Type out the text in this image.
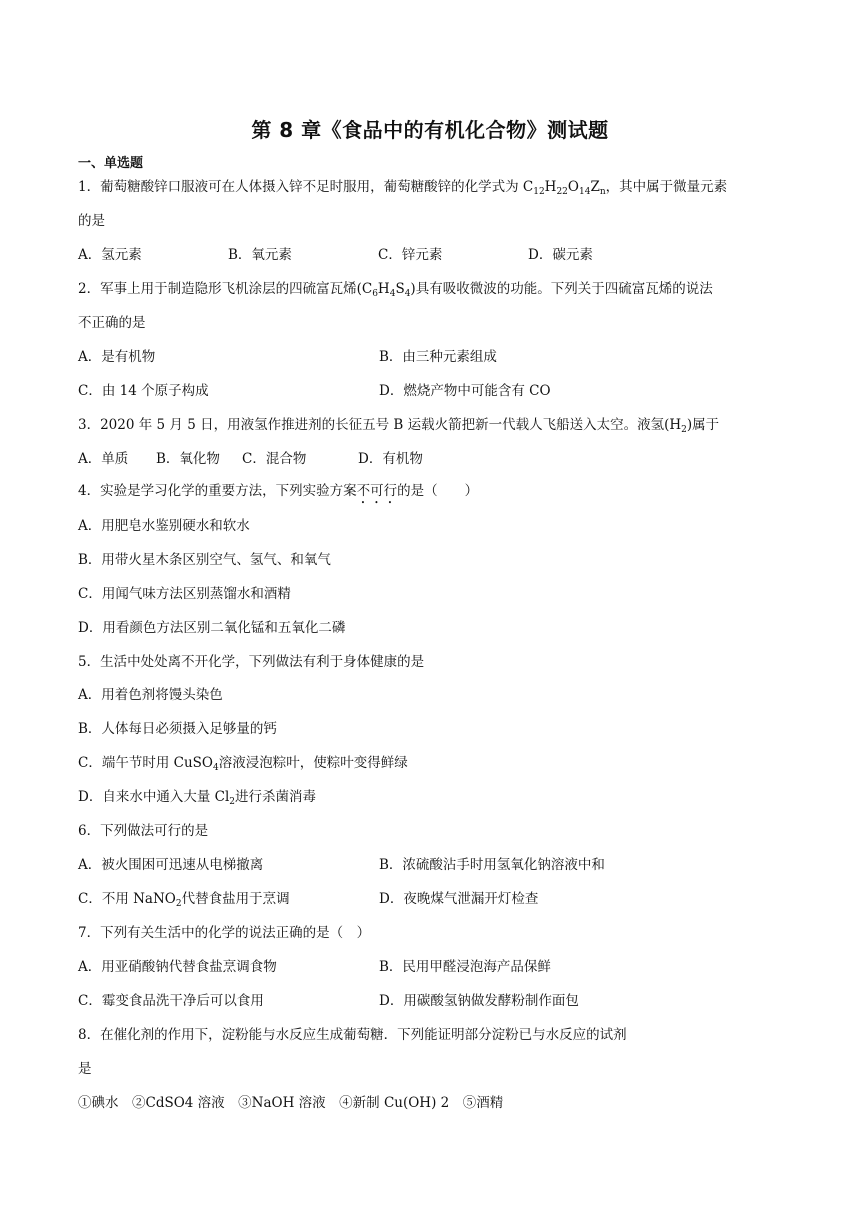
第 8 章《食品中的有机化合物》测试题
一、单选题
1．葡萄糖酸锌口服液可在人体摄入锌不足时服用，葡萄糖酸锌的化学式为 $C_{12}H_{22}O_{14}Z_n$，其中属于微量元素
的是
A．氢元素	B．氧元素	C．锌元素	D．碳元素
2．军事上用于制造隐形飞机涂层的四硫富瓦烯$(C_6H_4S_4)$具有吸收微波的功能。下列关于四硫富瓦烯的说法
不正确的是
A．是有机物	B．由三种元素组成
C．由 14 个原子构成	D．燃烧产物中可能含有 CO
3．2020 年 5 月 5 日，用液氢作推进剂的长征五号 B 运载火箭把新一代载人飞船送入太空。液氢$(H_2)$属于
A．单质 B．氧化物 C．混合物	D．有机物
4．实验是学习化学的重要方法，下列实验方案不可行的是（　　）
A．用肥皂水鉴别硬水和软水
B．用带火星木条区别空气、氢气、和氧气
C．用闻气味方法区别蒸馏水和酒精
D．用看颜色方法区别二氧化锰和五氧化二磷
5．生活中处处离不开化学，下列做法有利于身体健康的是
A．用着色剂将馒头染色
B．人体每日必须摄入足够量的钙
C．端午节时用 CuSO$_4$溶液浸泡粽叶，使粽叶变得鲜绿
D．自来水中通入大量 $Cl_2$进行杀菌消毒
6．下列做法可行的是
A．被火围困可迅速从电梯撤离	B．浓硫酸沾手时用氢氧化钠溶液中和
C．不用 NaNO$_2$代替食盐用于烹调	D．夜晚煤气泄漏开灯检查
7．下列有关生活中的化学的说法正确的是（　）
A．用亚硝酸钠代替食盐烹调食物	B．民用甲醛浸泡海产品保鲜
C．霉变食品洗干净后可以食用	D．用碳酸氢钠做发酵粉制作面包
8．在催化剂的作用下，淀粉能与水反应生成葡萄糖．下列能证明部分淀粉已与水反应的试剂
是
①碘水　②CdSO4 溶液　③NaOH 溶液　④新制 Cu(OH) 2　⑤酒精
